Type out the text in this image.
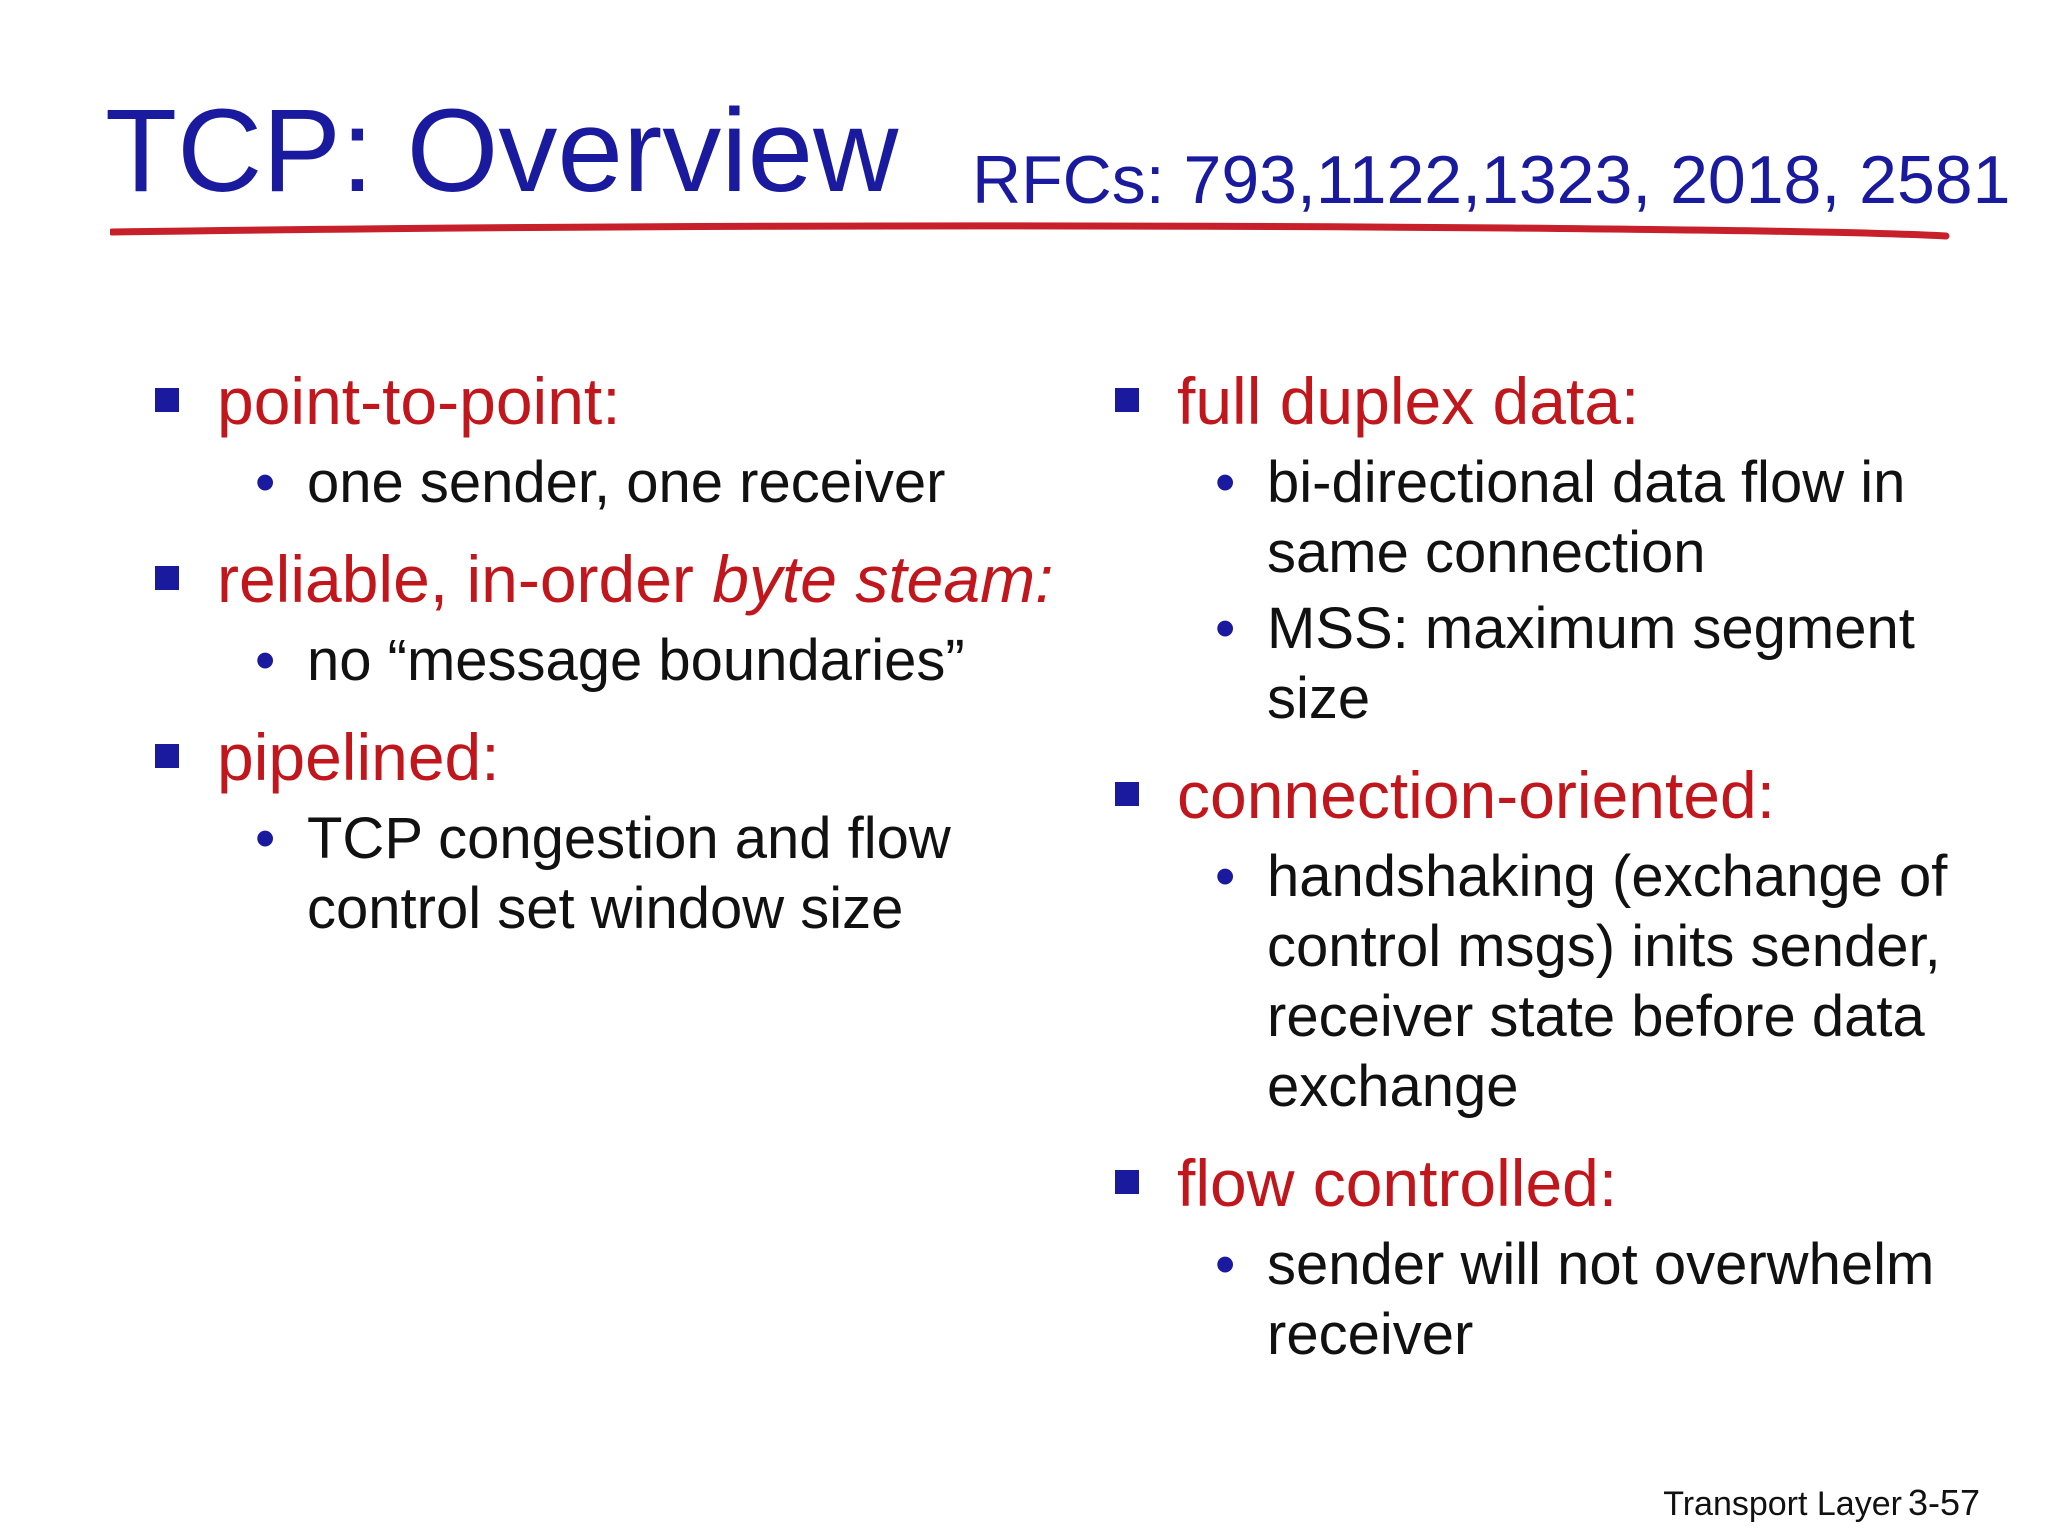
TCP: Overview RFCs: 793,1122,1323, 2018, 2581
point-to-point:
• one sender, one receiver
reliable, in-order byte steam:
• no “message boundaries”
pipelined:
• TCP congestion and flow control set window size
full duplex data:
• bi-directional data flow in same connection
• MSS: maximum segment size
connection-oriented:
• handshaking (exchange of control msgs) inits sender, receiver state before data exchange
flow controlled:
• sender will not overwhelm receiver
Transport Layer 3-57
